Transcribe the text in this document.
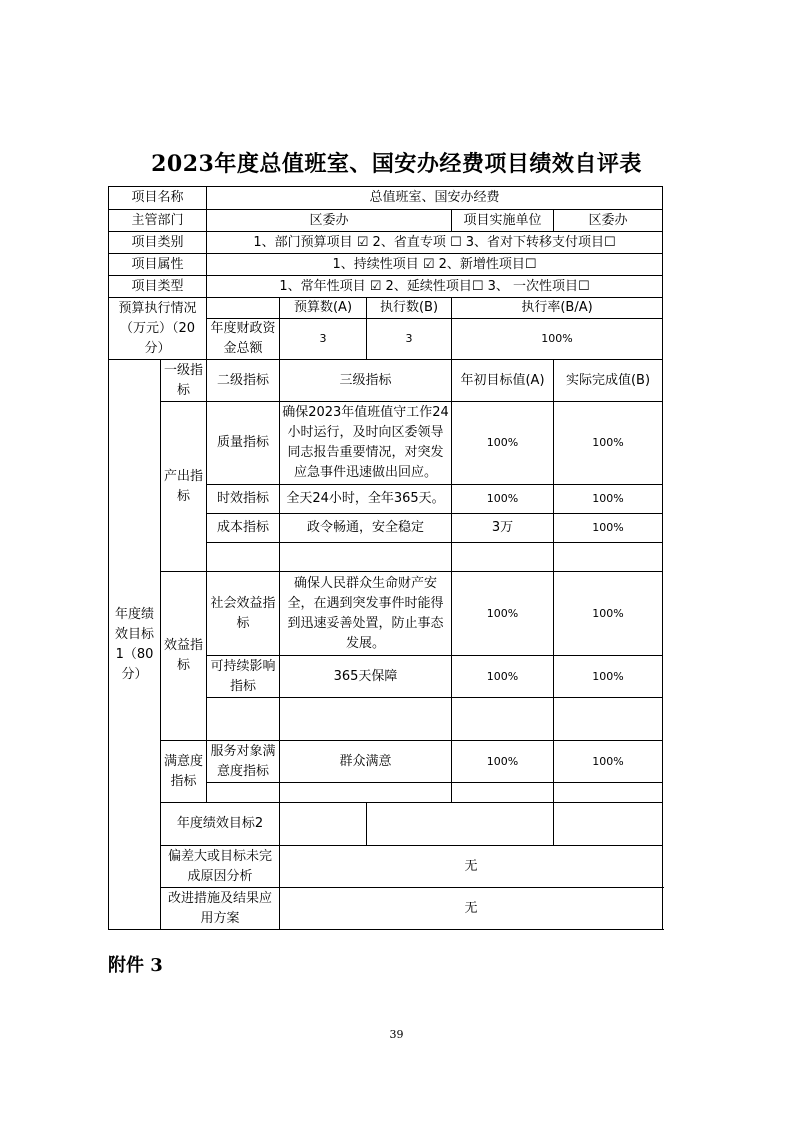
2023年度总值班室、国安办经费项目绩效自评表
项目名称		总值班室、国安办经费					
主管部门		区委办			项目实施单位	区委办	
项目类别		1、部门预算项目 ☑ 2、省直专项 ☐ 3、省对下转移支付项目☐					
项目属性		1、持续性项目 ☑ 2、新增性项目☐					
项目类型		1、常年性项目 ☑ 2、延续性项目☐ 3、 一次性项目☐					
预算执行情况（万元）（20分）			预算数(A)	执行数(B)	执行率(B/A)		
		年度财政资金总额	3	3	100%		
年度绩效目标1（80分）	一级指标	二级指标	三级指标		年初目标值(A)	实际完成值(B)	
	产出指标	质量指标	确保2023年值班值守工作24小时运行，及时向区委领导同志报告重要情况，对突发应急事件迅速做出回应。		100%	100%	
		时效指标	全天24小时，全年365天。		100%	100%	
		成本指标	政令畅通，安全稳定		3万	100%	

	效益指标	社会效益指标	确保人民群众生命财产安全，在遇到突发事件时能得到迅速妥善处置，防止事态发展。		100%	100%	
		可持续影响指标	365天保障		100%	100%	

	满意度指标	服务对象满意度指标	群众满意		100%	100%	

	年度绩效目标2						
	偏差大或目标未完成原因分析		无				
	改进措施及结果应用方案		无				
附件 3
39
